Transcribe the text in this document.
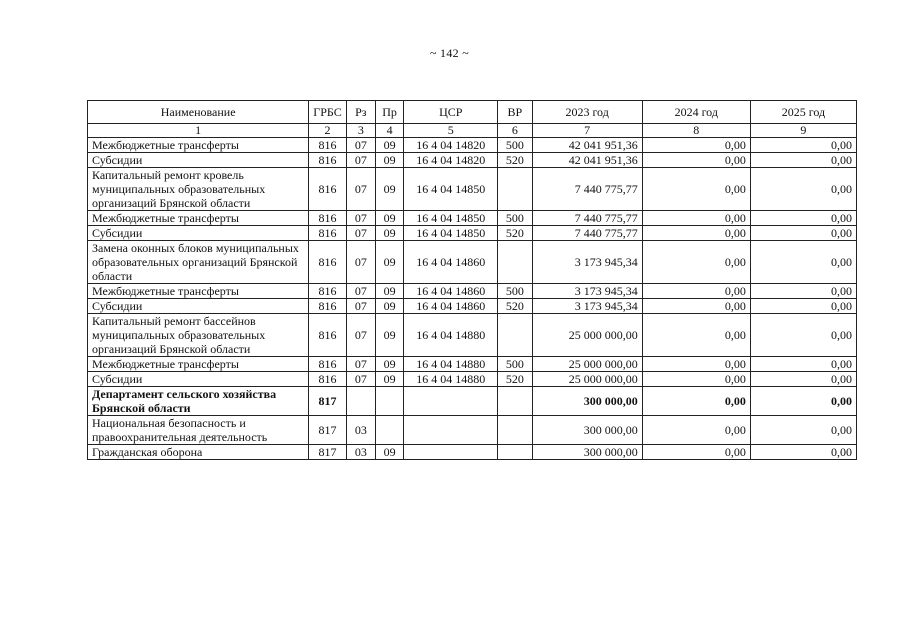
~ 142 ~
Наименование	ГРБС	Рз	Пр	ЦСР	ВР	2023 год	2024 год	2025 год
1	2	3	4	5	6	7	8	9
Межбюджетные трансферты	816	07	09	16 4 04 14820	500	42 041 951,36	0,00	0,00
Субсидии	816	07	09	16 4 04 14820	520	42 041 951,36	0,00	0,00
Капитальный ремонт кровель муниципальных образовательных организаций Брянской области	816	07	09	16 4 04 14850		7 440 775,77	0,00	0,00
Межбюджетные трансферты	816	07	09	16 4 04 14850	500	7 440 775,77	0,00	0,00
Субсидии	816	07	09	16 4 04 14850	520	7 440 775,77	0,00	0,00
Замена оконных блоков муниципальных образовательных организаций Брянской области	816	07	09	16 4 04 14860		3 173 945,34	0,00	0,00
Межбюджетные трансферты	816	07	09	16 4 04 14860	500	3 173 945,34	0,00	0,00
Субсидии	816	07	09	16 4 04 14860	520	3 173 945,34	0,00	0,00
Капитальный ремонт бассейнов муниципальных образовательных организаций Брянской области	816	07	09	16 4 04 14880		25 000 000,00	0,00	0,00
Межбюджетные трансферты	816	07	09	16 4 04 14880	500	25 000 000,00	0,00	0,00
Субсидии	816	07	09	16 4 04 14880	520	25 000 000,00	0,00	0,00
Департамент сельского хозяйства Брянской области	817					300 000,00	0,00	0,00
Национальная безопасность и правоохранительная деятельность	817	03				300 000,00	0,00	0,00
Гражданская оборона	817	03	09			300 000,00	0,00	0,00
